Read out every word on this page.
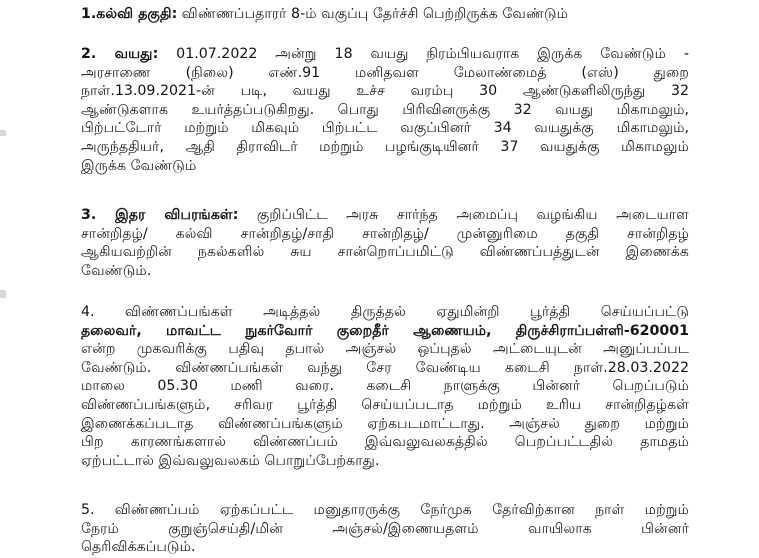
1.கல்வி தகுதி: விண்ணப்பதாரர் 8-ம் வகுப்பு தேர்ச்சி பெற்றிருக்க வேண்டும்
2. வயது: 01.07.2022 அன்று 18 வயது நிரம்பியவராக இருக்க வேண்டும் -
அரசாணை (நிலை) எண்.91 மனிதவள மேலாண்மைத் (எஸ்) துறை
நாள்.13.09.2021-ன் படி, வயது உச்ச வரம்பு 30 ஆண்டுகளிலிருந்து 32
ஆண்டுகளாக உயர்த்தப்படுகிறது. பொது பிரிவினருக்கு 32 வயது மிகாமலும்,
பிற்பட்டோர் மற்றும் மிகவும் பிற்பட்ட வகுப்பினர் 34 வயதுக்கு மிகாமலும்,
அருந்ததியர், ஆதி திராவிடர் மற்றும் பழங்குடியினர் 37 வயதுக்கு மிகாமலும்
இருக்க வேண்டும்
3. இதர விபரங்கள்: குறிப்பிட்ட அரசு சார்ந்த அமைப்பு வழங்கிய அடையாள
சான்றிதழ்/ கல்வி சான்றிதழ்/சாதி சான்றிதழ்/ முன்னுரிமை தகுதி சான்றிதழ்
ஆகியவற்றின் நகல்களில் சுய சான்றொப்பமிட்டு விண்ணப்பத்துடன் இணைக்க
வேண்டும்.
4. விண்ணப்பங்கள் அடித்தல் திருத்தல் ஏதுமின்றி பூர்த்தி செய்யப்பட்டு
தலைவர், மாவட்ட நுகர்வோர் குறைதீர் ஆணையம், திருச்சிராப்பள்ளி-620001
என்ற முகவரிக்கு பதிவு தபால் அஞ்சல் ஒப்புதல் அட்டையுடன் அனுப்பப்பட
வேண்டும். விண்ணப்பங்கள் வந்து சேர வேண்டிய கடைசி நாள்.28.03.2022
மாலை 05.30 மணி வரை. கடைசி நாளுக்கு பின்னர் பெறப்படும்
விண்ணப்பங்களும், சரிவர பூர்த்தி செய்யப்படாத மற்றும் உரிய சான்றிதழ்கள்
இணைக்கப்படாத விண்ணப்பங்களும் ஏற்கபடமாட்டாது. அஞ்சல் துறை மற்றும்
பிற காரணங்களால் விண்ணப்பம் இவ்வலுவலகத்தில் பெறப்பட்டதில் தாமதம்
ஏற்பட்டால் இவ்வலுவலகம் பொறுப்பேற்காது.
5. விண்ணப்பம் ஏற்கப்பட்ட மனுதாரருக்கு நேர்முக தேர்விற்கான நாள் மற்றும்
நேரம் குறுஞ்செய்தி/மின் அஞ்சல்/இணையதளம் வாயிலாக பின்னர்
தெரிவிக்கப்படும்.
